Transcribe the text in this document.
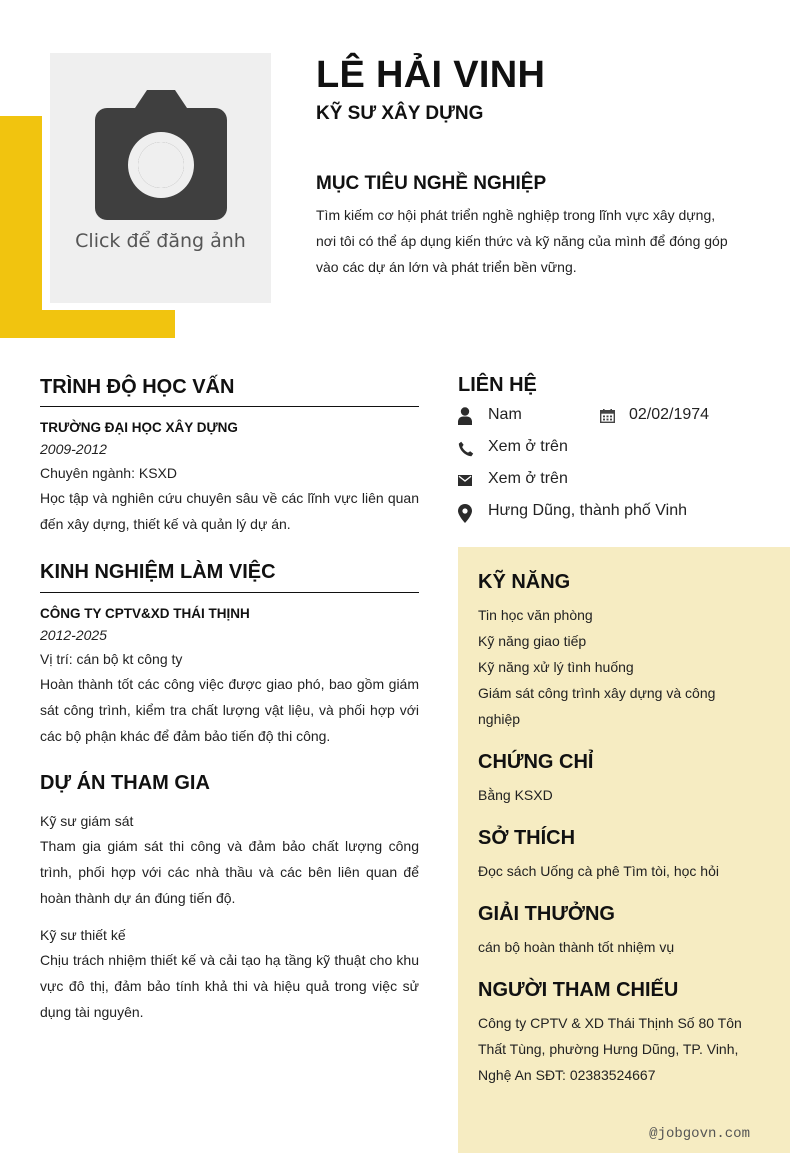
Click để đăng ảnh
LÊ HẢI VINH
KỸ SƯ XÂY DỰNG
MỤC TIÊU NGHỀ NGHIỆP
Tìm kiếm cơ hội phát triển nghề nghiệp trong lĩnh vực xây dựng, nơi tôi có thể áp dụng kiến thức và kỹ năng của mình để đóng góp vào các dự án lớn và phát triển bền vững.
TRÌNH ĐỘ HỌC VẤN
TRƯỜNG ĐẠI HỌC XÂY DỰNG
2009-2012
Chuyên ngành: KSXD
Học tập và nghiên cứu chuyên sâu về các lĩnh vực liên quan đến xây dựng, thiết kế và quản lý dự án.
KINH NGHIỆM LÀM VIỆC
CÔNG TY CPTV&XD THÁI THỊNH
2012-2025
Vị trí: cán bộ kt công ty
Hoàn thành tốt các công việc được giao phó, bao gồm giám sát công trình, kiểm tra chất lượng vật liệu, và phối hợp với các bộ phận khác để đảm bảo tiến độ thi công.
DỰ ÁN THAM GIA
Kỹ sư giám sát
Tham gia giám sát thi công và đảm bảo chất lượng công trình, phối hợp với các nhà thầu và các bên liên quan để hoàn thành dự án đúng tiến độ.
Kỹ sư thiết kế
Chịu trách nhiệm thiết kế và cải tạo hạ tầng kỹ thuật cho khu vực đô thị, đảm bảo tính khả thi và hiệu quả trong việc sử dụng tài nguyên.
LIÊN HỆ
Nam	02/02/1974
Xem ở trên
Xem ở trên
Hưng Dũng, thành phố Vinh
KỸ NĂNG
Tin học văn phòng
Kỹ năng giao tiếp
Kỹ năng xử lý tình huống
Giám sát công trình xây dựng và công nghiệp
CHỨNG CHỈ
Bằng KSXD
SỞ THÍCH
Đọc sách Uống cà phê Tìm tòi, học hỏi
GIẢI THƯỞNG
cán bộ hoàn thành tốt nhiệm vụ
NGƯỜI THAM CHIẾU
Công ty CPTV & XD Thái Thịnh Số 80 Tôn Thất Tùng, phường Hưng Dũng, TP. Vinh, Nghệ An SĐT: 02383524667
@jobgovn.com
